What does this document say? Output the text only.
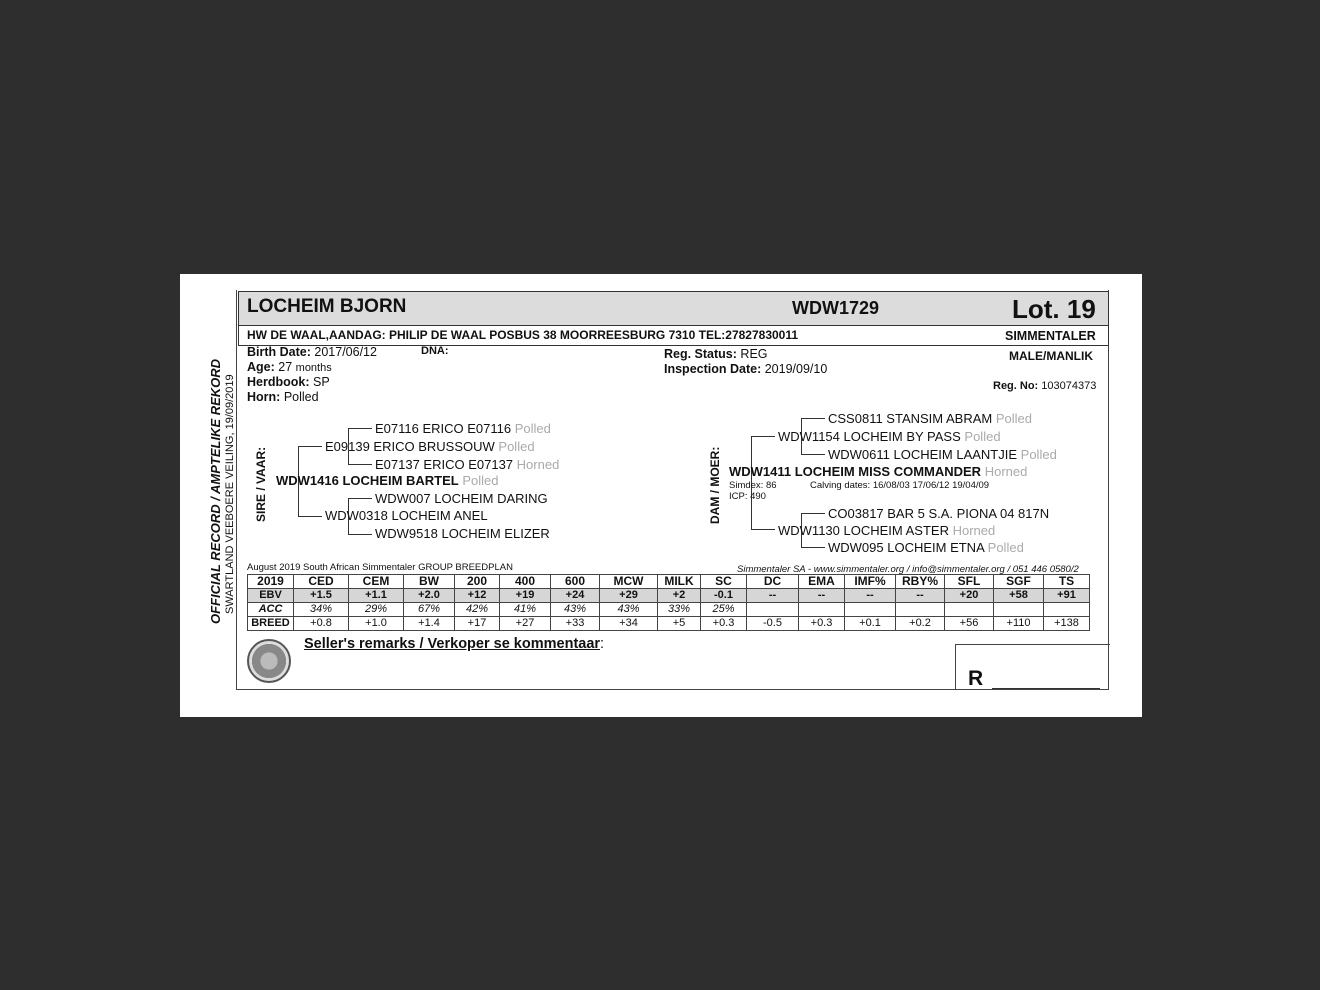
OFFICIAL RECORD / AMPTELIKE REKORD SWARTLAND VEEBOERE VEILING, 19/09/2019
LOCHEIM BJORN	WDW1729	Lot. 19
HW DE WAAL,AANDAG: PHILIP DE WAAL POSBUS 38 MOORREESBURG 7310 TEL:27827830011	SIMMENTALER
Birth Date: 2017/06/12	DNA:
Age: 27 months
Herdbook: SP
Horn: Polled
Reg. Status: REG
Inspection Date: 2019/09/10
MALE/MANLIK
Reg. No: 103074373
SIRE / VAAR:
E07116 ERICO E07116 Polled
E09139 ERICO BRUSSOUW Polled
E07137 ERICO E07137 Horned
WDW1416 LOCHEIM BARTEL Polled
WDW007 LOCHEIM DARING
WDW0318 LOCHEIM ANEL
WDW9518 LOCHEIM ELIZER
DAM / MOER:
CSS0811 STANSIM ABRAM Polled
WDW1154 LOCHEIM BY PASS Polled
WDW0611 LOCHEIM LAANTJIE Polled
WDW1411 LOCHEIM MISS COMMANDER Horned
Simdex: 86	Calving dates: 16/08/03 17/06/12 19/04/09
ICP: 490
CO03817 BAR 5 S.A. PIONA 04 817N
WDW1130 LOCHEIM ASTER Horned
WDW095 LOCHEIM ETNA Polled
August 2019 South African Simmentaler GROUP BREEDPLAN	Simmentaler SA - www.simmentaler.org / info@simmentaler.org / 051 446 0580/2
2019	CED	CEM	BW	200	400	600	MCW	MILK	SC	DC	EMA	IMF%	RBY%	SFL	SGF	TS
EBV	+1.5	+1.1	+2.0	+12	+19	+24	+29	+2	-0.1	--	--	--	--	+20	+58	+91
ACC	34%	29%	67%	42%	41%	43%	43%	33%	25%							
BREED	+0.8	+1.0	+1.4	+17	+27	+33	+34	+5	+0.3	-0.5	+0.3	+0.1	+0.2	+56	+110	+138
Seller's remarks / Verkoper se kommentaar:
R
